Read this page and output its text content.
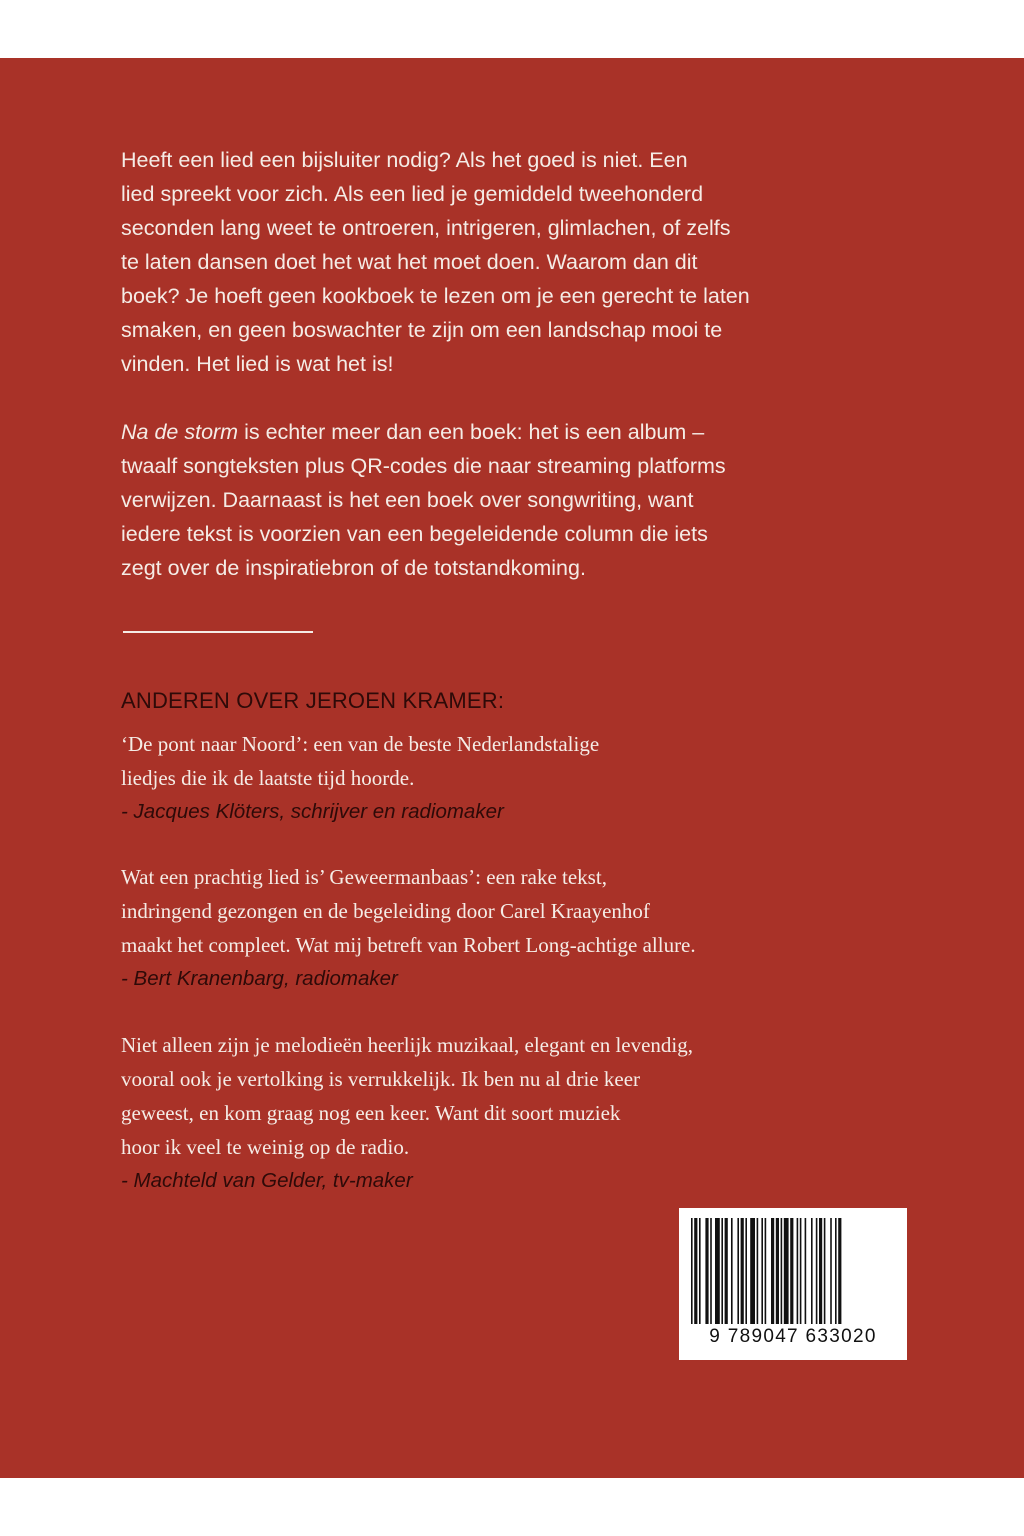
Heeft een lied een bijsluiter nodig? Als het goed is niet. Een

lied spreekt voor zich. Als een lied je gemiddeld tweehonderd

seconden lang weet te ontroeren, intrigeren, glimlachen, of zelfs

te laten dansen doet het wat het moet doen. Waarom dan dit

boek? Je hoeft geen kookboek te lezen om je een gerecht te laten

smaken, en geen boswachter te zijn om een landschap mooi te

vinden. Het lied is wat het is!

Na de storm is echter meer dan een boek: het is een album –

twaalf songteksten plus QR-codes die naar streaming platforms

verwijzen. Daarnaast is het een boek over songwriting, want

iedere tekst is voorzien van een begeleidende column die iets

zegt over de inspiratiebron of de totstandkoming.

ANDEREN OVER JEROEN KRAMER:
‘De pont naar Noord’: een van de beste Nederlandstalige
liedjes die ik de laatste tijd hoorde.
- Jacques Klöters, schrijver en radiomaker
Wat een prachtig lied is’ Geweermanbaas’: een rake tekst,
indringend gezongen en de begeleiding door Carel Kraayenhof
maakt het compleet. Wat mij betreft van Robert Long-achtige allure.
- Bert Kranenbarg, radiomaker
Niet alleen zijn je melodieën heerlijk muzikaal, elegant en levendig,
vooral ook je vertolking is verrukkelijk. Ik ben nu al drie keer
geweest, en kom graag nog een keer. Want dit soort muziek
hoor ik veel te weinig op de radio.
- Machteld van Gelder, tv-maker
9 789047 633020
